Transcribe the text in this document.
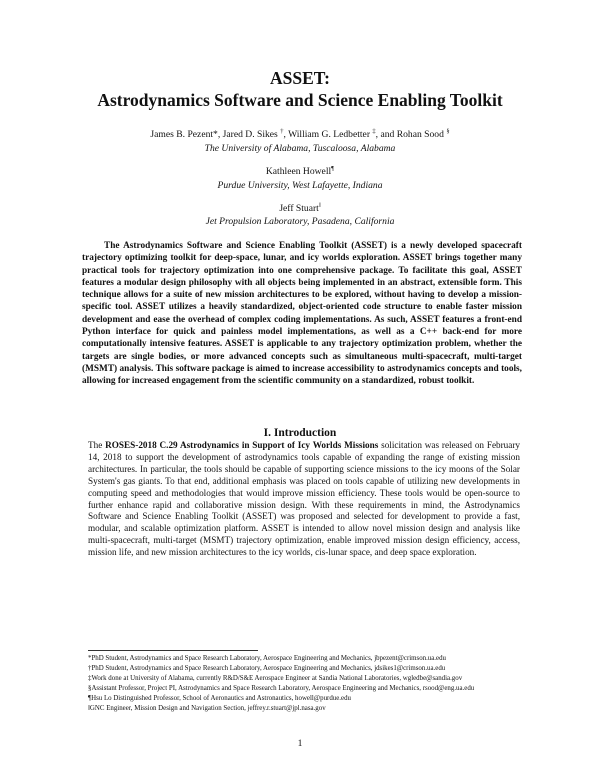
ASSET:
Astrodynamics Software and Science Enabling Toolkit
James B. Pezent*, Jared D. Sikes †, William G. Ledbetter ‡, and Rohan Sood §
The University of Alabama, Tuscaloosa, Alabama
Kathleen Howell¶
Purdue University, West Lafayette, Indiana
Jeff Stuart‖
Jet Propulsion Laboratory, Pasadena, California
The Astrodynamics Software and Science Enabling Toolkit (ASSET) is a newly developed spacecraft trajectory optimizing toolkit for deep-space, lunar, and icy worlds exploration. ASSET brings together many practical tools for trajectory optimization into one comprehensive package. To facilitate this goal, ASSET features a modular design philosophy with all objects being implemented in an abstract, extensible form. This technique allows for a suite of new mission architectures to be explored, without having to develop a mission-specific tool. ASSET utilizes a heavily standardized, object-oriented code structure to enable faster mission development and ease the overhead of complex coding implementations. As such, ASSET features a front-end Python interface for quick and painless model implementations, as well as a C++ back-end for more computationally intensive features. ASSET is applicable to any trajectory optimization problem, whether the targets are single bodies, or more advanced concepts such as simultaneous multi-spacecraft, multi-target (MSMT) analysis. This software package is aimed to increase accessibility to astrodynamics concepts and tools, allowing for increased engagement from the scientific community on a standardized, robust toolkit.
I. Introduction
The ROSES-2018 C.29 Astrodynamics in Support of Icy Worlds Missions solicitation was released on February 14, 2018 to support the development of astrodynamics tools capable of expanding the range of existing mission architectures. In particular, the tools should be capable of supporting science missions to the icy moons of the Solar System's gas giants. To that end, additional emphasis was placed on tools capable of utilizing new developments in computing speed and methodologies that would improve mission efficiency. These tools would be open-source to further enhance rapid and collaborative mission design. With these requirements in mind, the Astrodynamics Software and Science Enabling Toolkit (ASSET) was proposed and selected for development to provide a fast, modular, and scalable optimization platform. ASSET is intended to allow novel mission design and analysis like multi-spacecraft, multi-target (MSMT) trajectory optimization, enable improved mission design efficiency, access, mission life, and new mission architectures to the icy worlds, cis-lunar space, and deep space exploration.
*PhD Student, Astrodynamics and Space Research Laboratory, Aerospace Engineering and Mechanics, jbpezent@crimson.ua.edu
†PhD Student, Astrodynamics and Space Research Laboratory, Aerospace Engineering and Mechanics, jdsikes1@crimson.ua.edu
‡Work done at University of Alabama, currently R&D/S&E Aerospace Engineer at Sandia National Laboratories, wgledbe@sandia.gov
§Assistant Professor, Project PI, Astrodynamics and Space Research Laboratory, Aerospace Engineering and Mechanics, rsood@eng.ua.edu
¶Hsu Lo Distinguished Professor, School of Aeronautics and Astronautics, howell@purdue.edu
‖GNC Engineer, Mission Design and Navigation Section, jeffrey.r.stuart@jpl.nasa.gov
1
